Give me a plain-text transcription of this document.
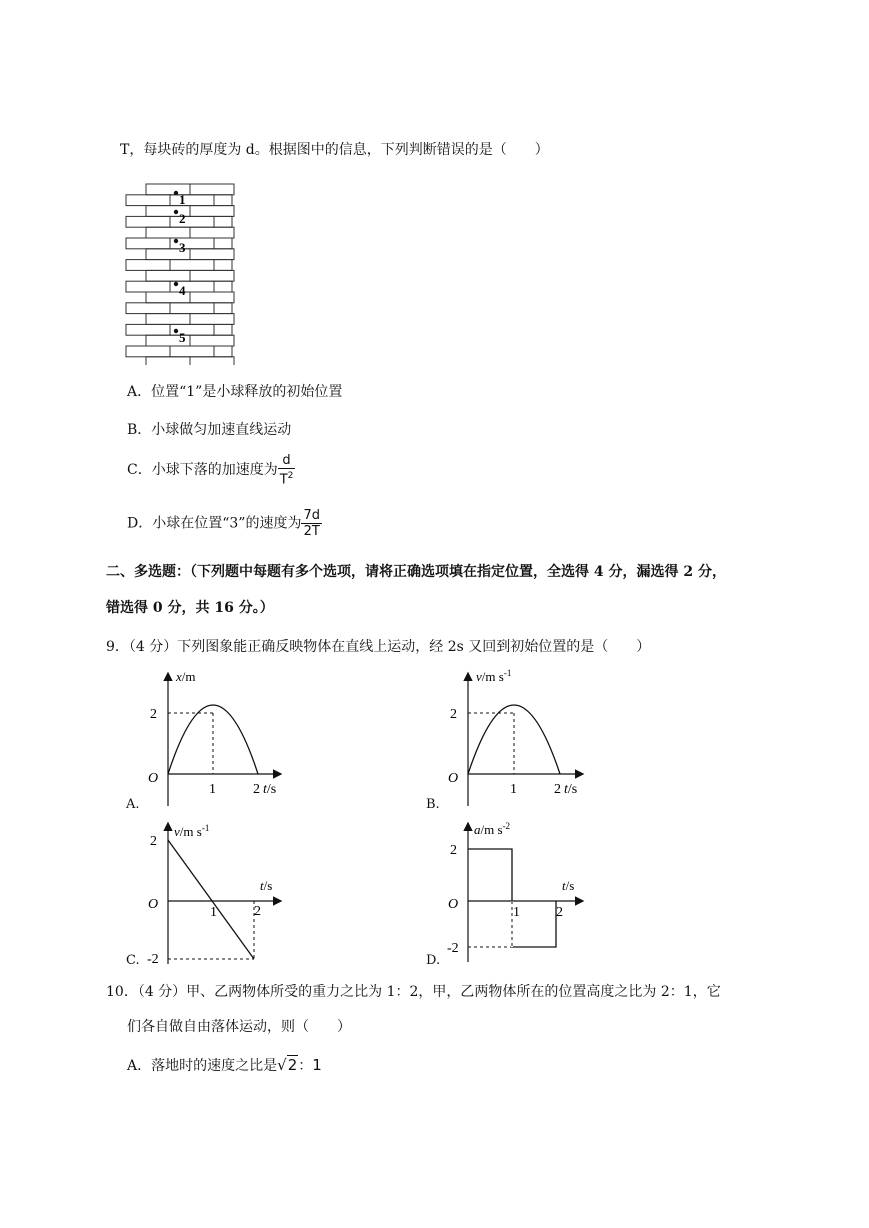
T，每块砖的厚度为 d。根据图中的信息，下列判断错误的是（　　）
1
2
3
4
5
A．位置“1”是小球释放的初始位置
B．小球做匀加速直线运动
C．小球下落的加速度为 $\frac{d}{T^2}$
D．小球在位置“3”的速度为 $\frac{7d}{2T}$
二、多选题：（下列题中每题有多个选项，请将正确选项填在指定位置，全选得 4 分，漏选得 2 分，
错选得 0 分，共 16 分。）
9．（4 分）下列图象能正确反映物体在直线上运动，经 2s 又回到初始位置的是（　　）
x/m
2
O
1	2 t/s
A.
v/m $s^{-1}$
2
O
1	2 t/s
B.
v/m $s^{-1}$
2
-2
O
1	2
t/s
C.
a/m $s^{-2}$
2
-2
O
1	2
t/s
D.
10．（4 分）甲、乙两物体所受的重力之比为 1：2，甲，乙两物体所在的位置高度之比为 2：1，它
们各自做自由落体运动，则（　　）
A．落地时的速度之比是√2：1
